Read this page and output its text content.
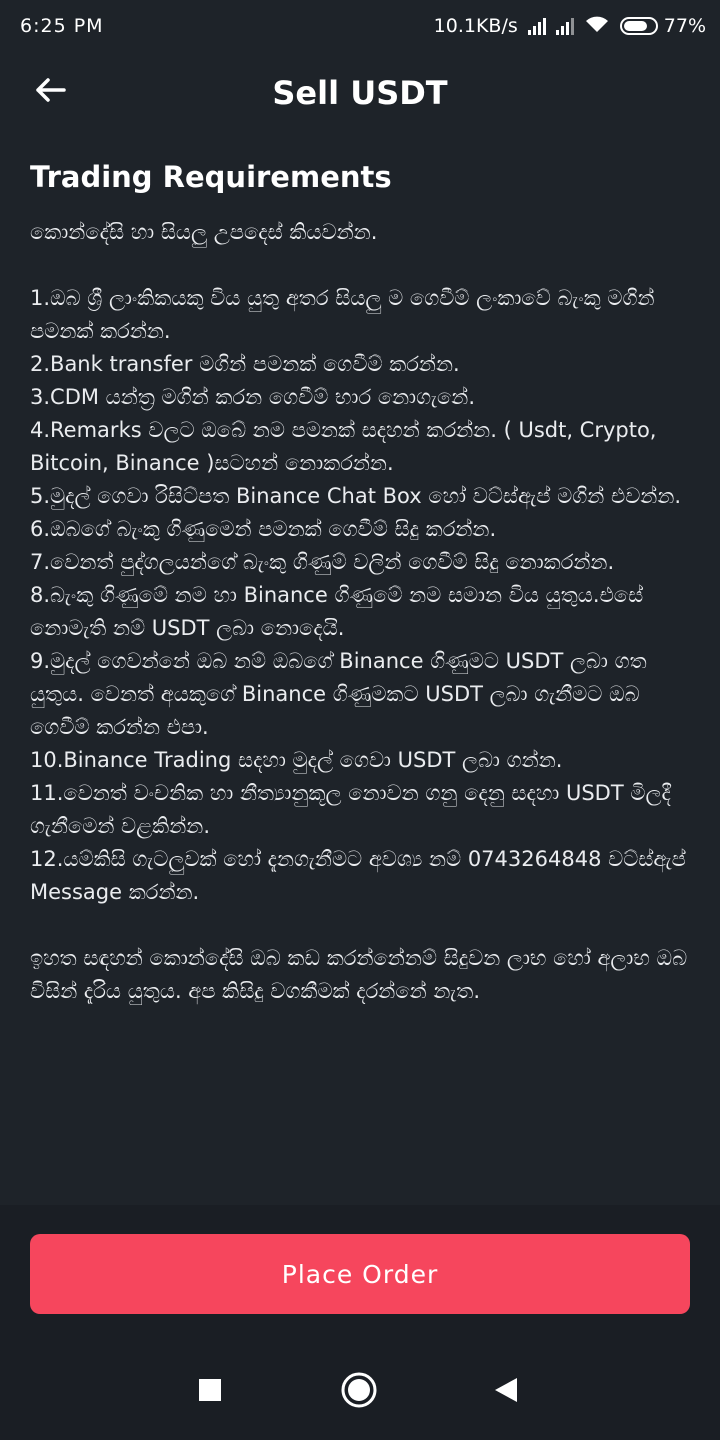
6:25 PM	10.1KB/s	77%
Sell USDT
Trading Requirements
කොන්දේසි හා සියලු උපදෙස් කියවන්න.
1.ඔබ ශ්‍රී ලාංකිකයකු විය යුතු අතර සියලු ම ගෙවීම් ලංකාවේ බැංකු මගින් පමනක් කරන්න.
2.Bank transfer මගින් පමනක් ගෙවීම් කරන්න.
3.CDM යන්ත්‍ර මගින් කරන ගෙවීම් භාර නොගැනේ.
4.Remarks වලට ඔබේ නම පමනක් සදහන් කරන්න. ( Usdt, Crypto, Bitcoin, Binance )සටහන් නොකරන්න.
5.මුදල් ගෙවා රිසිට්පත Binance Chat Box හෝ වට්ස්ඇප් මගින් එවන්න.
6.ඔබගේ බැංකු ගිණුමෙන් පමනක් ගෙවීම් සිදු කරන්න.
7.වෙනත් පුද්ගලයන්ගේ බැංකු ගිණුම් වලින් ගෙවීම් සිදු නොකරන්න.
8.බැංකු ගිණුමේ නම හා Binance ගිණුමේ නම සමාන විය යුතුය.එසේ නොමැති නම් USDT ලබා නොදෙයි.
9.මුදල් ගෙවන්නේ ඔබ නම් ඔබගේ Binance ගිණුමට USDT ලබා ගත යුතුය. වෙනත් අයකුගේ Binance ගිණුමකට USDT ලබා ගැනීමට ඔබ ගෙවීම් කරන්න එපා.
10.Binance Trading සදහා මුදල් ගෙවා USDT ලබා ගන්න.
11.වෙනත් වංචනික හා නීත්‍යානුකූල නොවන ගනු දෙනු සදහා USDT මිලදී ගැනීමෙන් වළකින්න.
12.යම්කිසි ගැටලුවක් හෝ දැනගැනීමට අවශ්‍ය නම් 0743264848 වට්ස්ඇප් Message කරන්න.
ඉහත සඳහන් කොන්දේසි ඔබ කඩ කරන්නේනම් සිදුවන ලාභ හෝ අලාභ ඔබ විසින් දැරිය යුතුය. අප කිසිදු වගකීමක් දරන්නේ නැත.
Place Order
